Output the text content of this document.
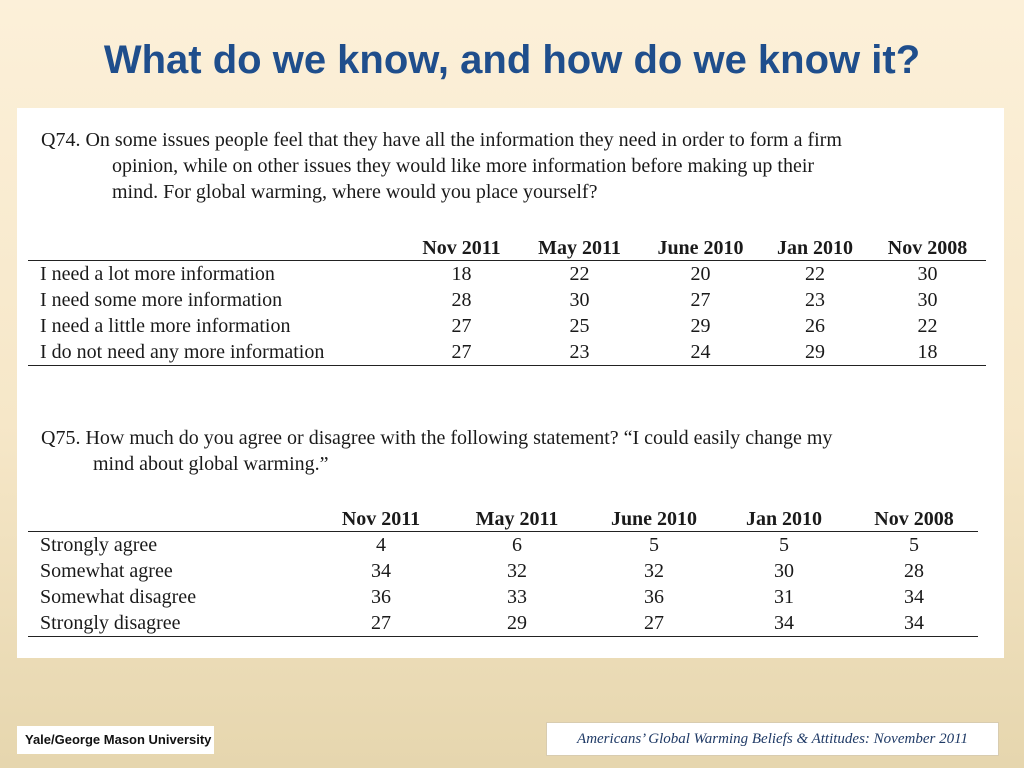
What do we know, and how do we know it?
Q74. On some issues people feel that they have all the information they need in order to form a firm
opinion, while on other issues they would like more information before making up their
mind. For global warming, where would you place yourself?
	Nov 2011	May 2011	June 2010	Jan 2010	Nov 2008
I need a lot more information	18	22	20	22	30
I need some more information	28	30	27	23	30
I need a little more information	27	25	29	26	22
I do not need any more information	27	23	24	29	18
Q75. How much do you agree or disagree with the following statement? “I could easily change my
mind about global warming.”
	Nov 2011	May 2011	June 2010	Jan 2010	Nov 2008
Strongly agree	4	6	5	5	5
Somewhat agree	34	32	32	30	28
Somewhat disagree	36	33	36	31	34
Strongly disagree	27	29	27	34	34
Yale/George Mason University	Americans’ Global Warming Beliefs & Attitudes: November 2011
